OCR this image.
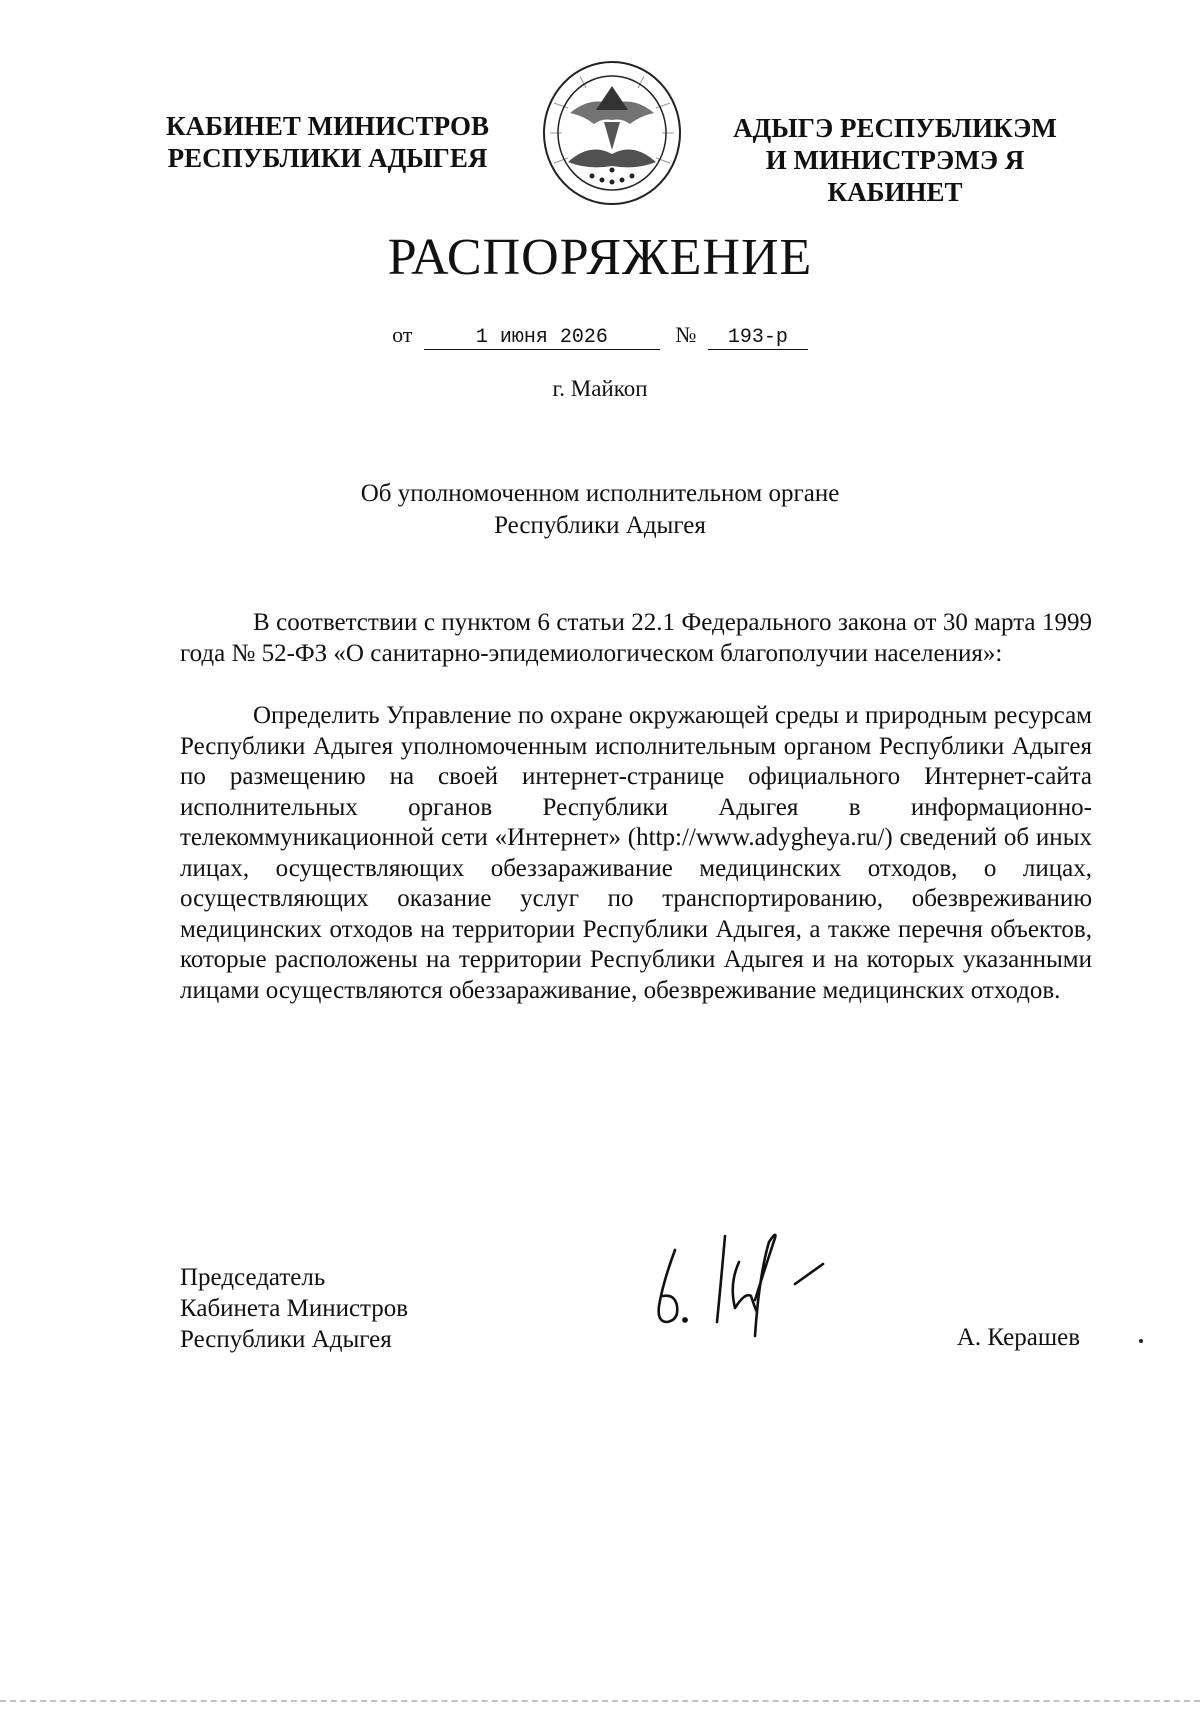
КАБИНЕТ МИНИСТРОВ
РЕСПУБЛИКИ АДЫГЕЯ
АДЫГЭ РЕСПУБЛИКЭМ
И МИНИСТРЭМЭ Я КАБИНЕТ
РАСПОРЯЖЕНИЕ
от	1 июня 2026	№ 193-р
г. Майкоп
Об уполномоченном исполнительном органе
Республики Адыгея

В соответствии с пунктом 6 статьи 22.1 Федерального закона от 30 марта 1999 года № 52-ФЗ «О санитарно-эпидемиологическом благополучии населения»:

Определить Управление по охране окружающей среды и природным ресурсам Республики Адыгея уполномоченным исполнительным органом Республики Адыгея по размещению на своей интернет-странице официального Интернет-сайта исполнительных органов Республики Адыгея в информационно-телекоммуникационной сети «Интернет» (http://www.adygheya.ru/) сведений об иных лицах, осуществляющих обеззараживание медицинских отходов, о лицах, осуществляющих оказание услуг по транспортированию, обезвреживанию медицинских отходов на территории Республики Адыгея, а также перечня объектов, которые расположены на территории Республики Адыгея и на которых указанными лицами осуществляются обеззараживание, обезвреживание медицинских отходов.

Председатель
Кабинета Министров
Республики Адыгея	А. Керашев
